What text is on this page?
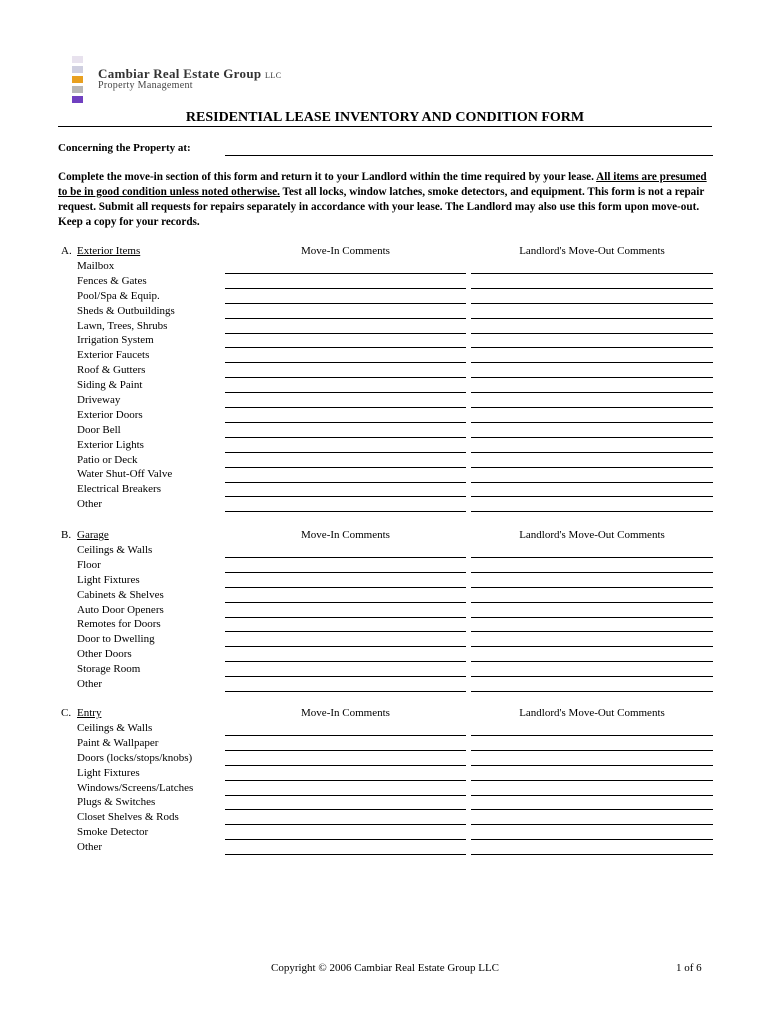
Cambiar Real Estate Group LLC
Property Management
RESIDENTIAL LEASE INVENTORY AND CONDITION FORM
Concerning the Property at:
Complete the move-in section of this form and return it to your Landlord within the time required by your lease. All items are presumed to be in good condition unless noted otherwise. Test all locks, window latches, smoke detectors, and equipment. This form is not a repair request. Submit all requests for repairs separately in accordance with your lease. The Landlord may also use this form upon move-out. Keep a copy for your records.
A. Exterior Items	Move-In Comments	Landlord's Move-Out Comments
Mailbox
Fences & Gates
Pool/Spa & Equip.
Sheds & Outbuildings
Lawn, Trees, Shrubs
Irrigation System
Exterior Faucets
Roof & Gutters
Siding & Paint
Driveway
Exterior Doors
Door Bell
Exterior Lights
Patio or Deck
Water Shut-Off Valve
Electrical Breakers
Other
B. Garage	Move-In Comments	Landlord's Move-Out Comments
Ceilings & Walls
Floor
Light Fixtures
Cabinets & Shelves
Auto Door Openers
Remotes for Doors
Door to Dwelling
Other Doors
Storage Room
Other
C. Entry	Move-In Comments	Landlord's Move-Out Comments
Ceilings & Walls
Paint & Wallpaper
Doors (locks/stops/knobs)
Light Fixtures
Windows/Screens/Latches
Plugs & Switches
Closet Shelves & Rods
Smoke Detector
Other
Copyright © 2006 Cambiar Real Estate Group LLC	1 of 6
